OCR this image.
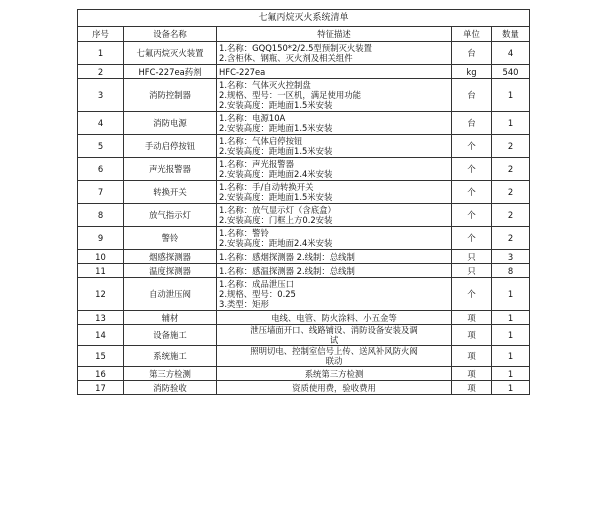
七氟丙烷灭火系统清单				
序号	设备名称	特征描述	单位	数量
1	七氟丙烷灭火装置	1.名称：GQQ150*2/2.5型预制灭火装置
2.含柜体、钢瓶、灭火剂及相关组件	台	4
2	HFC-227ea药剂	HFC-227ea	kg	540
3	消防控制器	1.名称：气体灭火控制盘
2.规格、型号：一区机，满足使用功能
2.安装高度：距地面1.5米安装	台	1
4	消防电源	1.名称：电源10A
2.安装高度：距地面1.5米安装	台	1
5	手动启停按钮	1.名称：气体启停按钮
2.安装高度：距地面1.5米安装	个	2
6	声光报警器	1.名称：声光报警器
2.安装高度：距地面2.4米安装	个	2
7	转换开关	1.名称：手/自动转换开关
2.安装高度：距地面1.5米安装	个	2
8	放气指示灯	1.名称：放气显示灯（含底盒）
2.安装高度：门框上方0.2安装	个	2
9	警铃	1.名称：警铃
2.安装高度：距地面2.4米安装	个	2
10	烟感探测器	1.名称：感烟探测器 2.线制：总线制	只	3
11	温度探测器	1.名称：感温探测器 2.线制：总线制	只	8
12	自动泄压阀	1.名称：成品泄压口
2.规格、型号：0.25
3.类型：矩形	个	1
13	辅材	电线、电管、防火涂料、小五金等	项	1
14	设备施工	泄压墙面开口、线路铺设、消防设备安装及调
试	项	1
15	系统施工	照明切电、控制室信号上传、送风补风防火阀
联动	项	1
16	第三方检测	系统第三方检测	项	1
17	消防验收	资质使用费，验收费用	项	1
